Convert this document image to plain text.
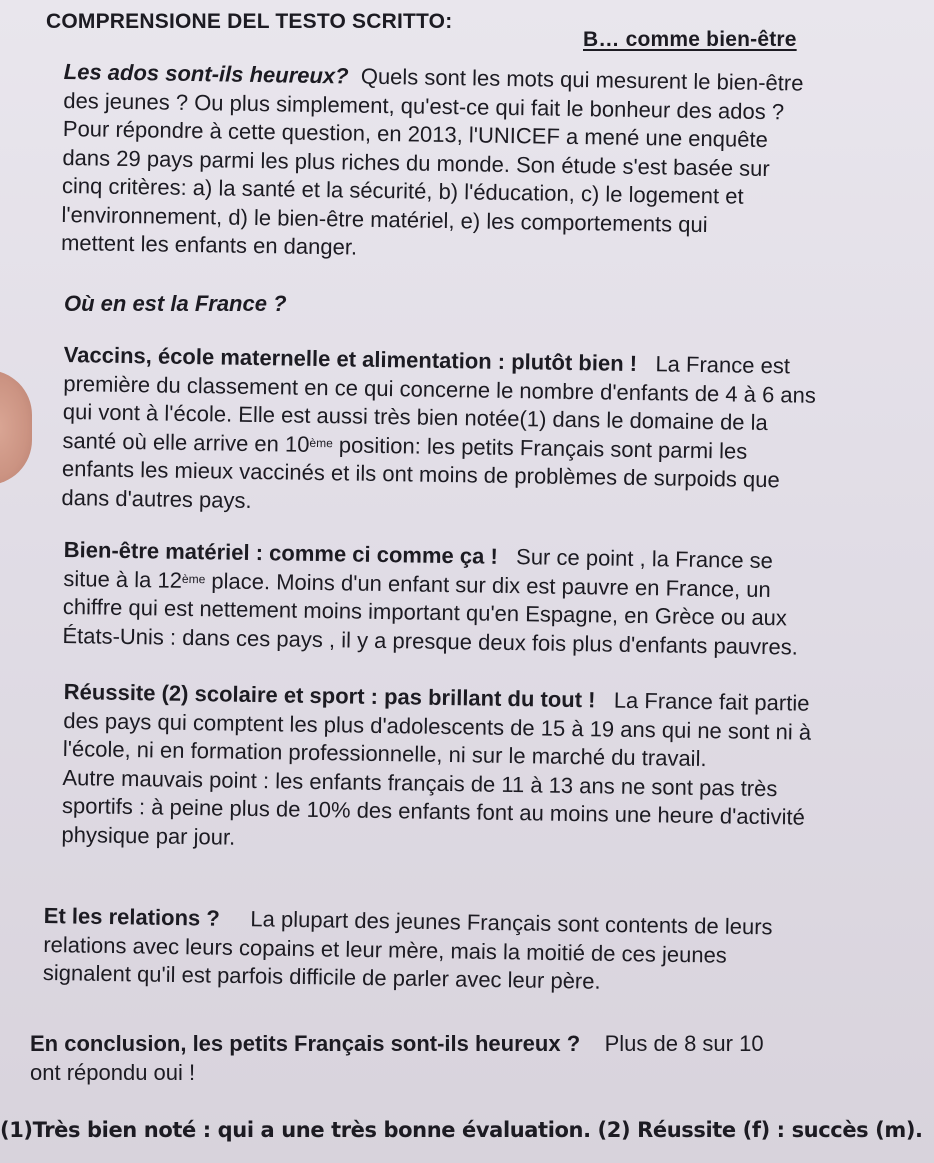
COMPRENSIONE DEL TESTO SCRITTO:
B… comme bien-être
Les ados sont-ils heureux? Quels sont les mots qui mesurent le bien-être
des jeunes ? Ou plus simplement, qu'est-ce qui fait le bonheur des ados ?
Pour répondre à cette question, en 2013, l'UNICEF a mené une enquête
dans 29 pays parmi les plus riches du monde. Son étude s'est basée sur
cinq critères: a) la santé et la sécurité, b) l'éducation, c) le logement et
l'environnement, d) le bien-être matériel, e) les comportements qui
mettent les enfants en danger.
Où en est la France ?
Vaccins, école maternelle et alimentation : plutôt bien ! La France est
première du classement en ce qui concerne le nombre d'enfants de 4 à 6 ans
qui vont à l'école. Elle est aussi très bien notée(1) dans le domaine de la
santé où elle arrive en 10ème position: les petits Français sont parmi les
enfants les mieux vaccinés et ils ont moins de problèmes de surpoids que
dans d'autres pays.
Bien-être matériel : comme ci comme ça ! Sur ce point , la France se
situe à la 12ème place. Moins d'un enfant sur dix est pauvre en France, un
chiffre qui est nettement moins important qu'en Espagne, en Grèce ou aux
États-Unis : dans ces pays , il y a presque deux fois plus d'enfants pauvres.
Réussite (2) scolaire et sport : pas brillant du tout ! La France fait partie
des pays qui comptent les plus d'adolescents de 15 à 19 ans qui ne sont ni à
l'école, ni en formation professionnelle, ni sur le marché du travail.
Autre mauvais point : les enfants français de 11 à 13 ans ne sont pas très
sportifs : à peine plus de 10% des enfants font au moins une heure d'activité
physique par jour.
Et les relations ? La plupart des jeunes Français sont contents de leurs
relations avec leurs copains et leur mère, mais la moitié de ces jeunes
signalent qu'il est parfois difficile de parler avec leur père.
En conclusion, les petits Français sont-ils heureux ? Plus de 8 sur 10
ont répondu oui !
(1)Très bien noté : qui a une très bonne évaluation. (2) Réussite (f) : succès (m).
